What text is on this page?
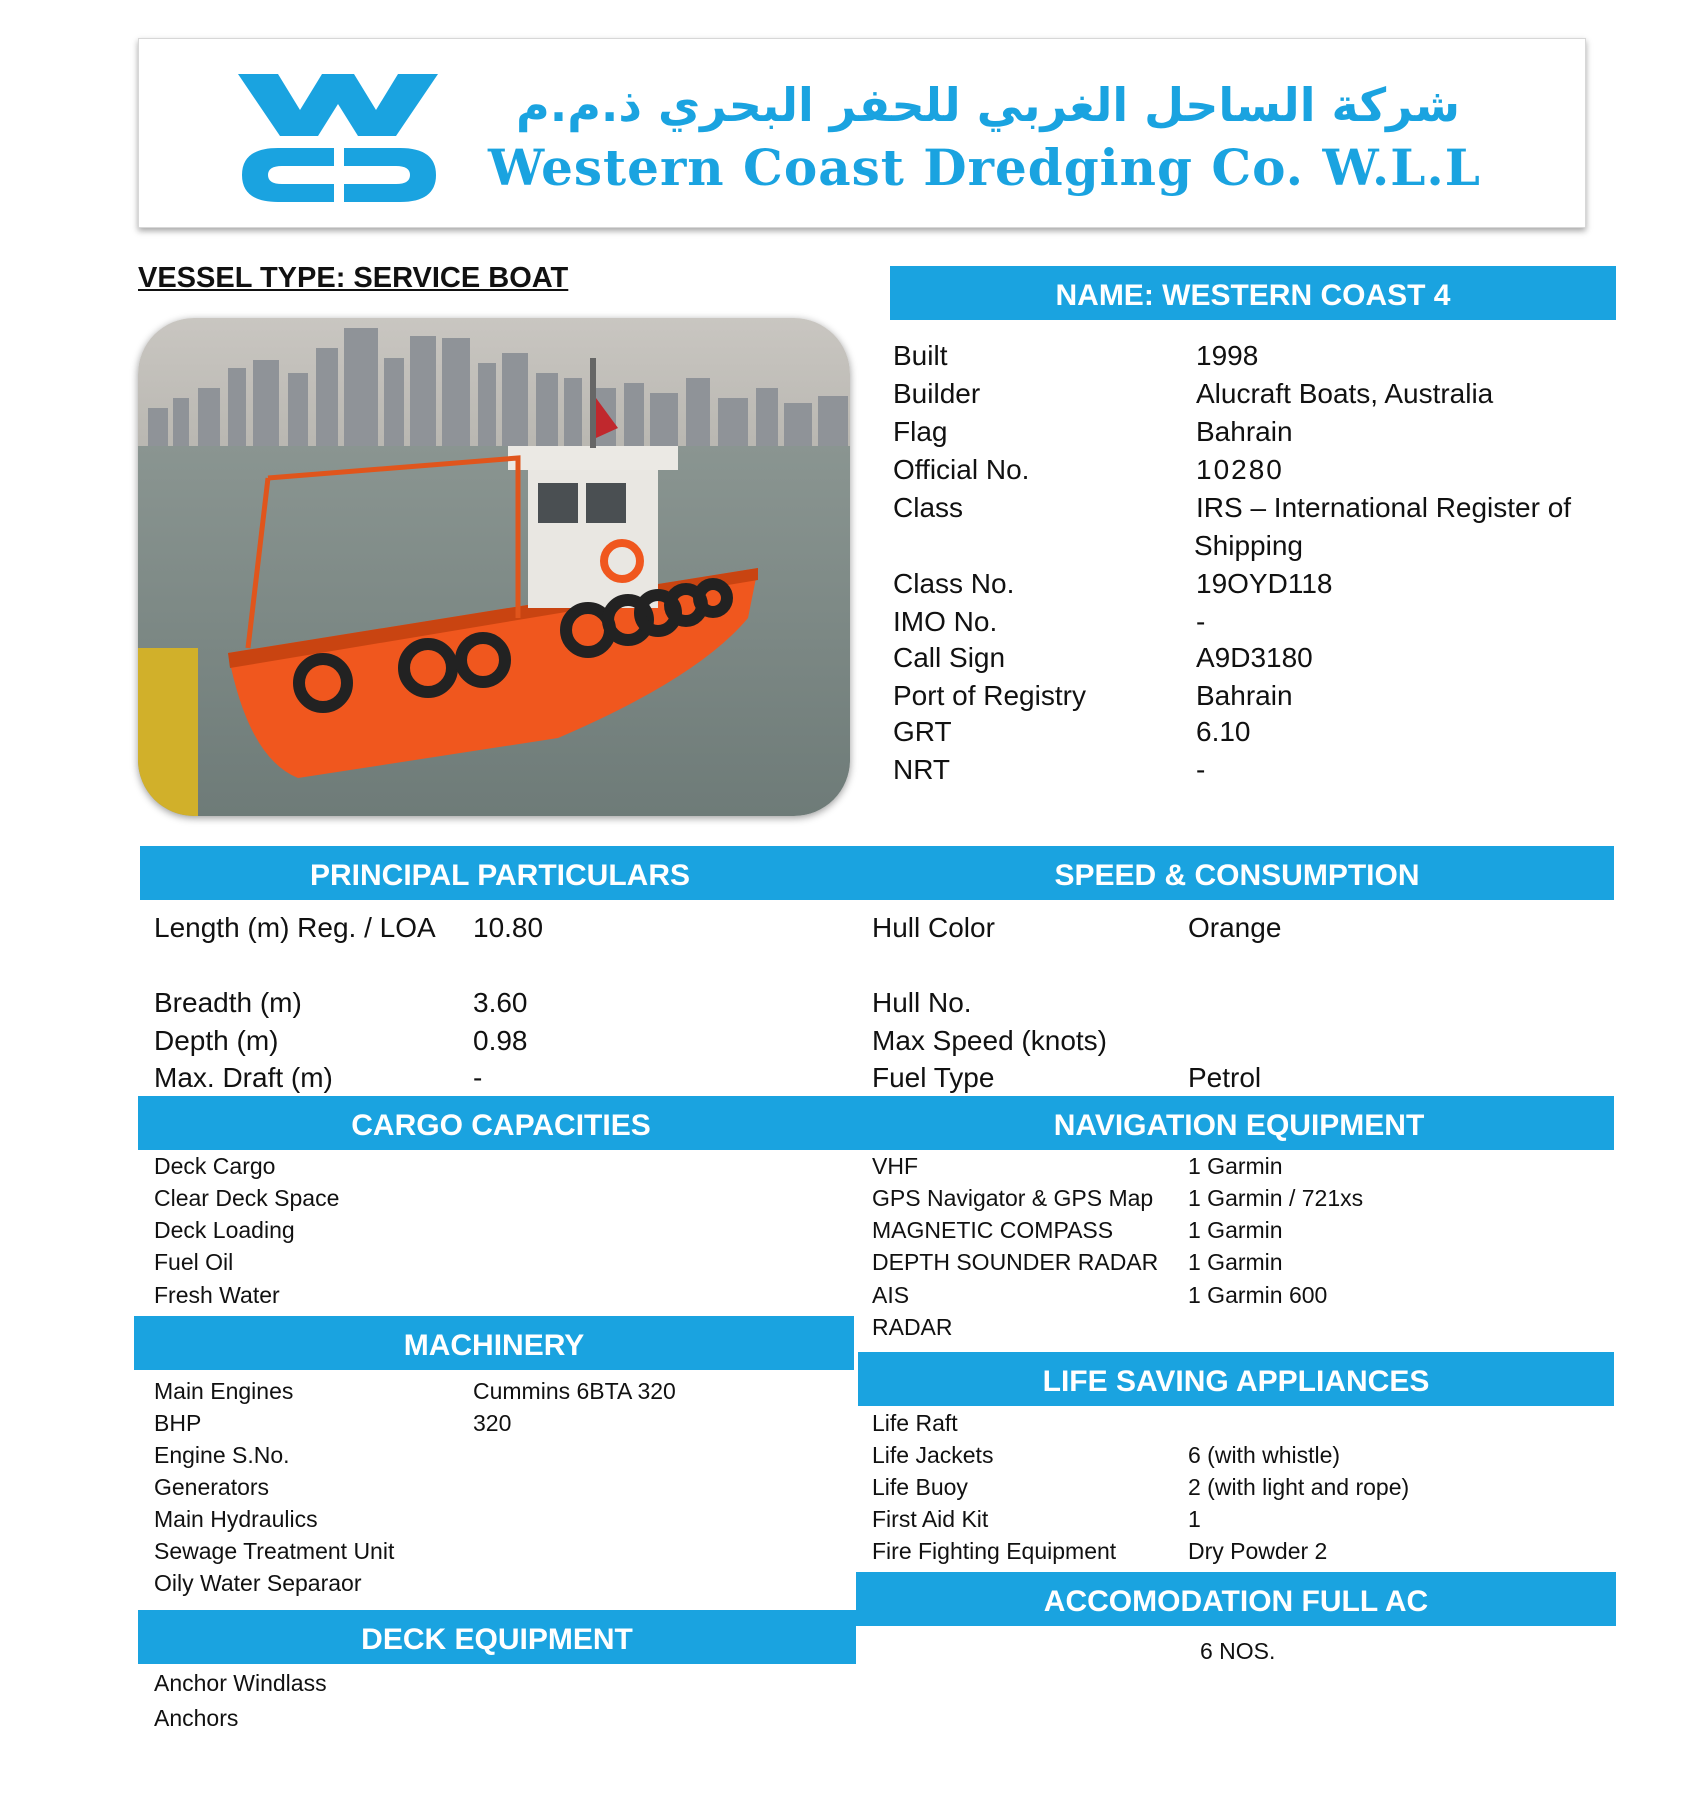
شركة الساحل الغربي للحفر البحري ذ.م.م
Western Coast Dredging Co. W.L.L
VESSEL TYPE: SERVICE BOAT
NAME: WESTERN COAST 4
Built	1998
Builder	Alucraft Boats, Australia
Flag	Bahrain
Official No.	10280
Class	IRS – International Register of
Shipping
Class No.	19OYD118
IMO No.	-
Call Sign	A9D3180
Port of Registry	Bahrain
GRT	6.10
NRT	-
PRINCIPAL PARTICULARS	SPEED & CONSUMPTION
Length (m) Reg. / LOA 10.80
Breadth (m)	3.60
Depth (m)	0.98
Max. Draft (m)	-
Hull Color	Orange
Hull No.
Max Speed (knots)
Fuel Type	Petrol
CARGO CAPACITIES	NAVIGATION EQUIPMENT
Deck Cargo
Clear Deck Space
Deck Loading
Fuel Oil
Fresh Water
VHF	1 Garmin
GPS Navigator & GPS Map 1 Garmin / 721xs
MAGNETIC COMPASS	1 Garmin
DEPTH SOUNDER RADAR 1 Garmin
AIS	1 Garmin 600
RADAR
MACHINERY
Main Engines	Cummins 6BTA 320
BHP	320
Engine S.No.
Generators
Main Hydraulics
Sewage Treatment Unit
Oily Water Separaor
LIFE SAVING APPLIANCES
Life Raft
Life Jackets	6 (with whistle)
Life Buoy	2 (with light and rope)
First Aid Kit	1
Fire Fighting Equipment	Dry Powder 2
ACCOMODATION FULL AC
6 NOS.
DECK EQUIPMENT
Anchor Windlass
Anchors
